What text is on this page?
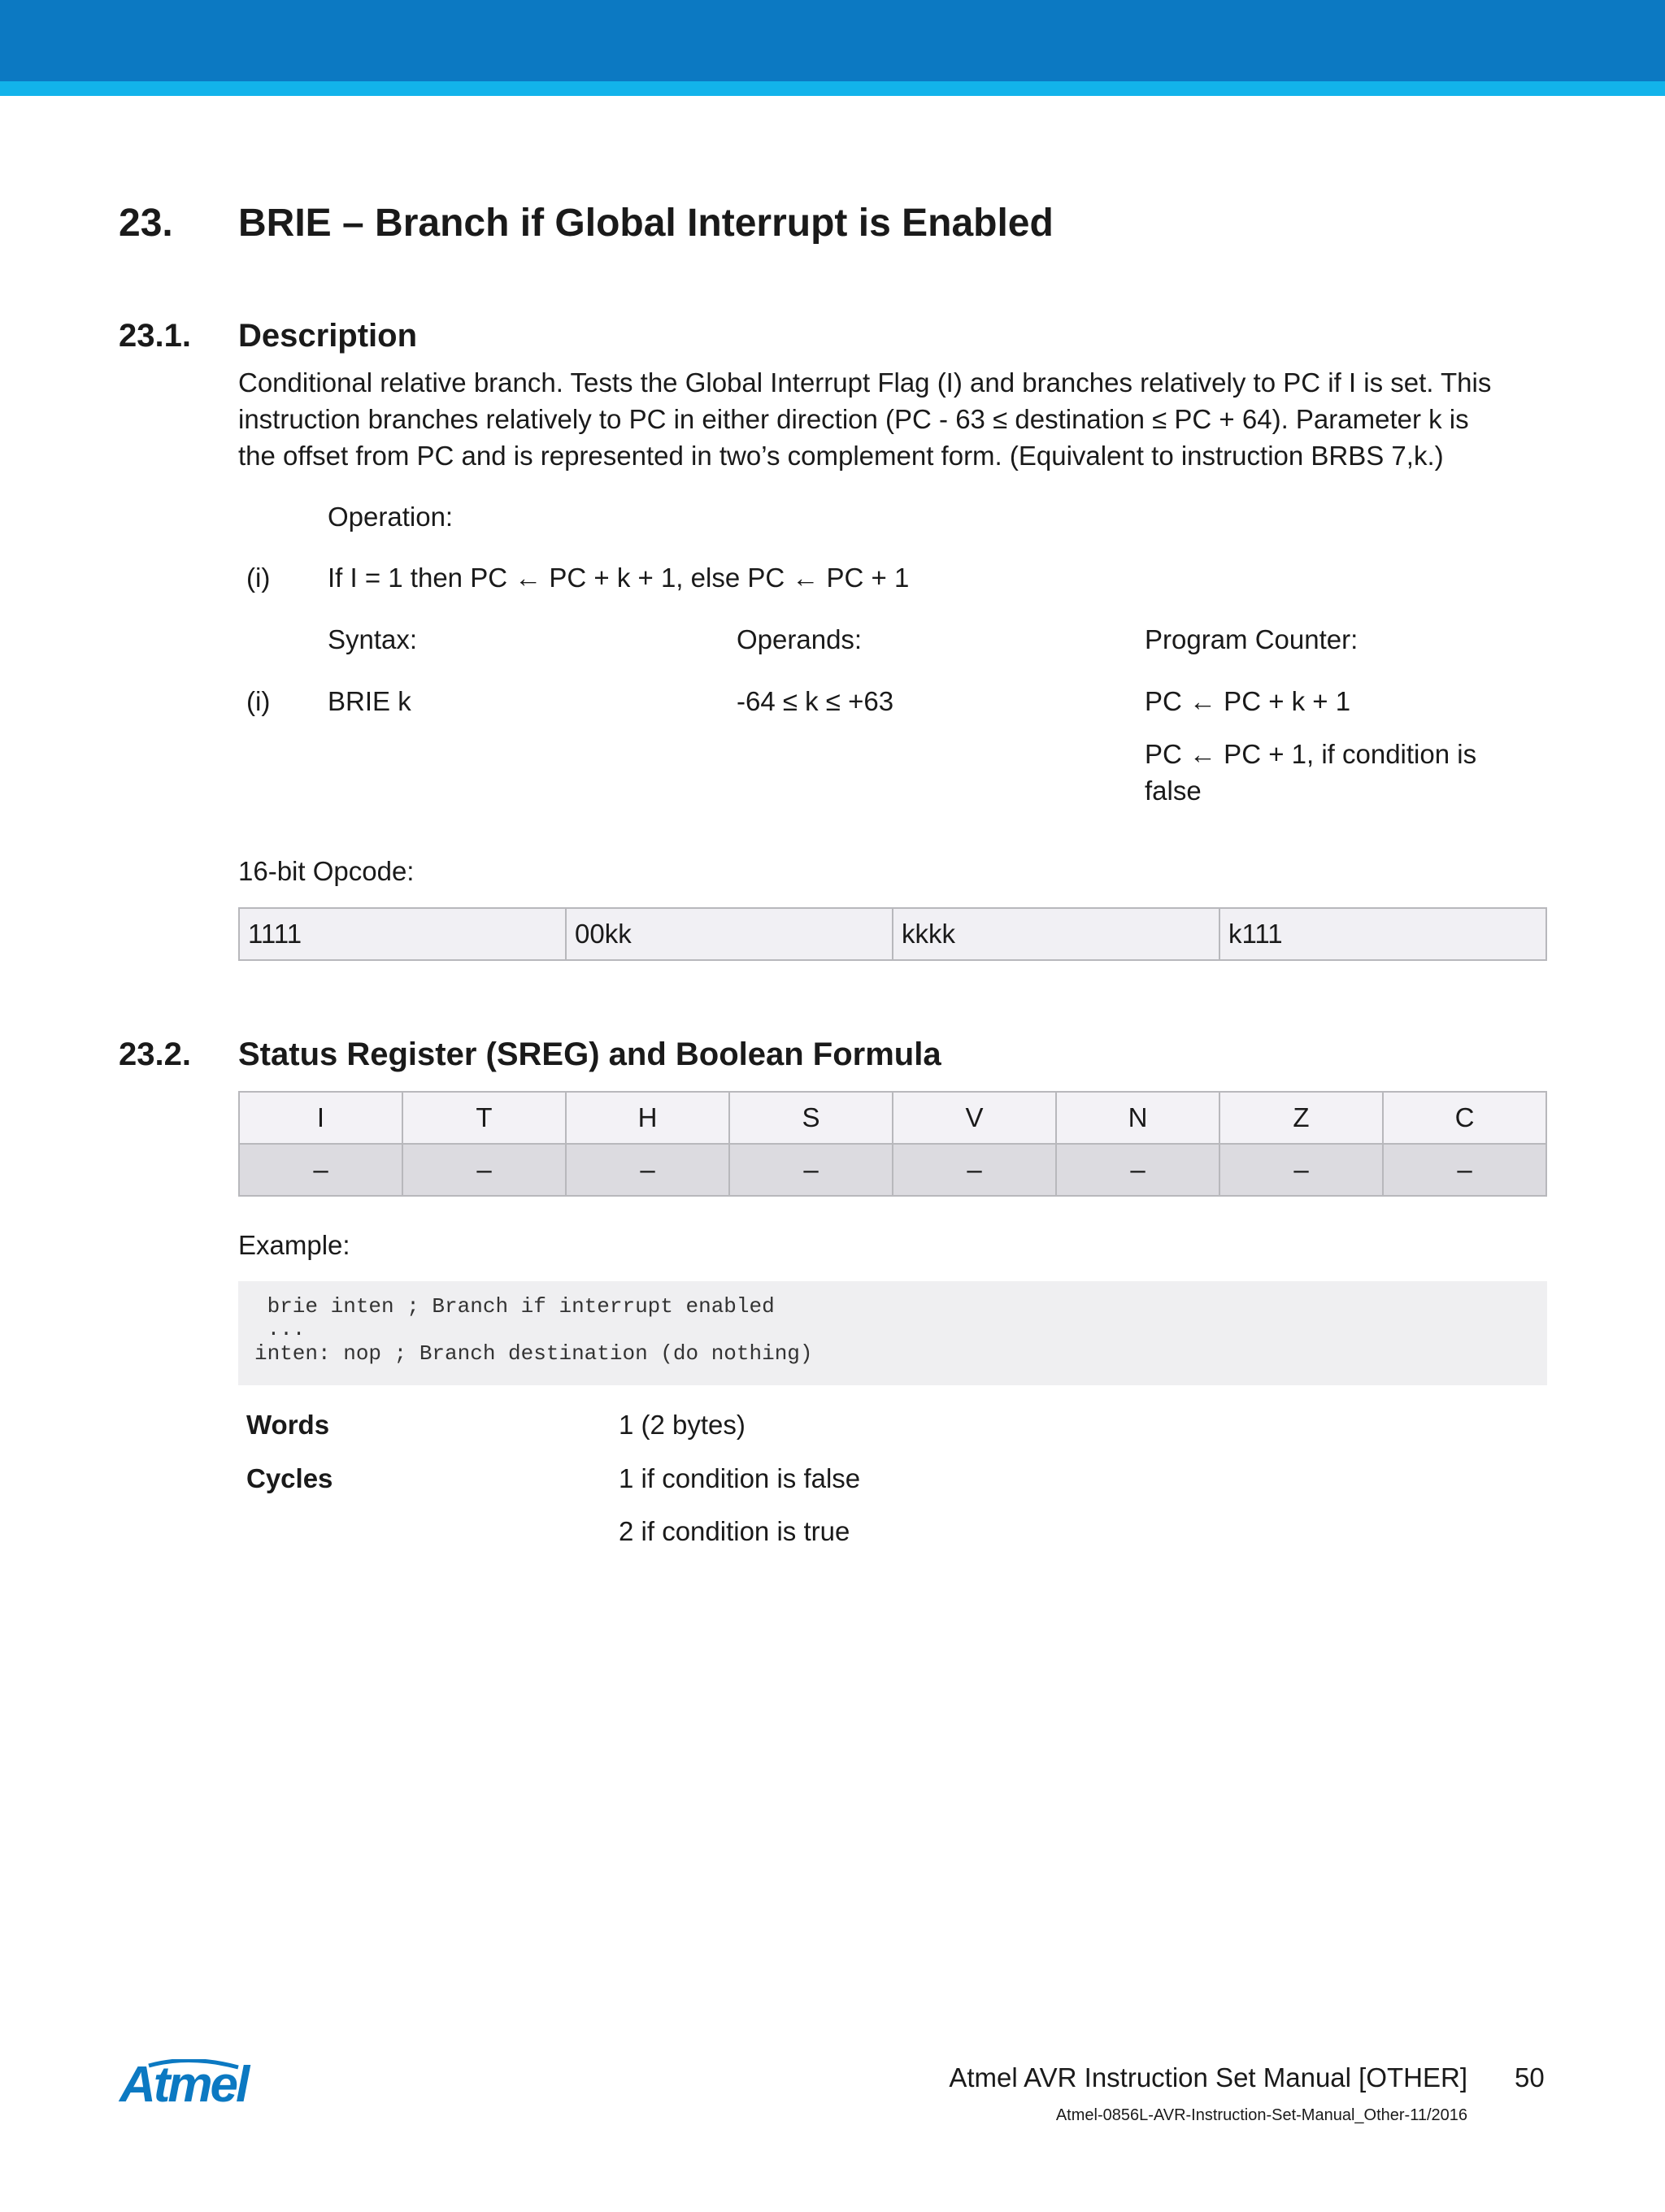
23. BRIE – Branch if Global Interrupt is Enabled
23.1. Description
Conditional relative branch. Tests the Global Interrupt Flag (I) and branches relatively to PC if I is set. This
instruction branches relatively to PC in either direction (PC - 63 ≤ destination ≤ PC + 64). Parameter k is
the offset from PC and is represented in two’s complement form. (Equivalent to instruction BRBS 7,k.)
Operation:
(i) If I = 1 then PC ← PC + k + 1, else PC ← PC + 1
Syntax:	Operands:	Program Counter:
(i) BRIE k	-64 ≤ k ≤ +63	PC ← PC + k + 1
PC ← PC + 1, if condition is
false
16-bit Opcode:
1111	00kk	kkkk	k111
23.2. Status Register (SREG) and Boolean Formula
I	T	H	S	V	N	Z	C
–	–	–	–	–	–	–	–
Example:
brie inten ; Branch if interrupt enabled
...
inten: nop ; Branch destination (do nothing)
Words	1 (2 bytes)
Cycles	1 if condition is false
2 if condition is true
Atmel	Atmel AVR Instruction Set Manual [OTHER] 50
Atmel-0856L-AVR-Instruction-Set-Manual_Other-11/2016
